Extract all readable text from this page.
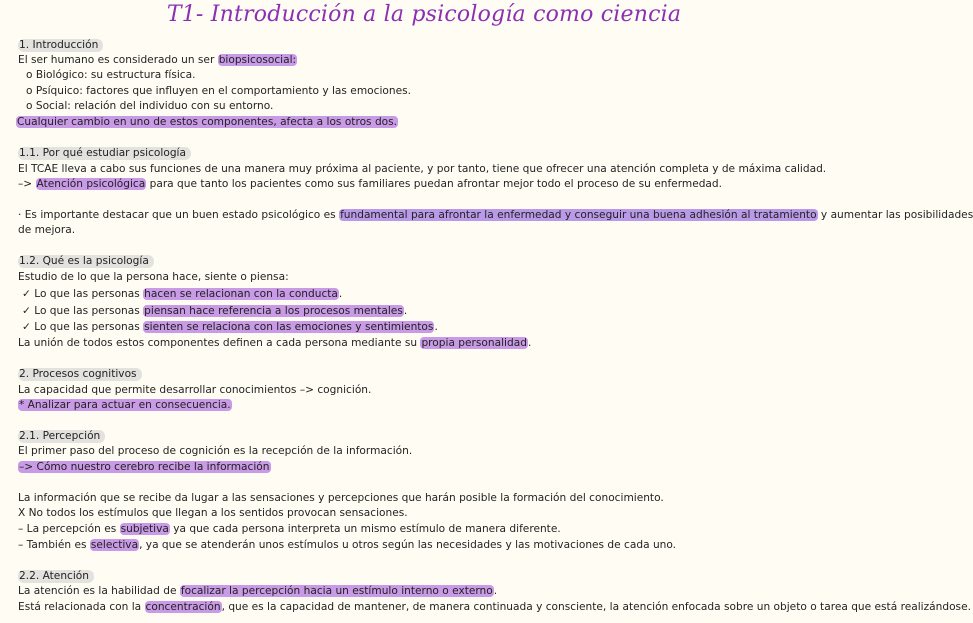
T1- Introducción a la psicología como ciencia
1. Introducción
El ser humano es considerado un ser biopsicosocial:
o Biológico: su estructura física.
o Psíquico: factores que influyen en el comportamiento y las emociones.
o Social: relación del individuo con su entorno.
Cualquier cambio en uno de estos componentes, afecta a los otros dos.
1.1. Por qué estudiar psicología
El TCAE lleva a cabo sus funciones de una manera muy próxima al paciente, y por tanto, tiene que ofrecer una atención completa y de máxima calidad.
–> Atención psicológica para que tanto los pacientes como sus familiares puedan afrontar mejor todo el proceso de su enfermedad.
· Es importante destacar que un buen estado psicológico es fundamental para afrontar la enfermedad y conseguir una buena adhesión al tratamiento y aumentar las posibilidades
de mejora.
1.2. Qué es la psicología
Estudio de lo que la persona hace, siente o piensa:
✓ Lo que las personas hacen se relacionan con la conducta.
✓ Lo que las personas piensan hace referencia a los procesos mentales.
✓ Lo que las personas sienten se relaciona con las emociones y sentimientos.
La unión de todos estos componentes definen a cada persona mediante su propia personalidad.
2. Procesos cognitivos
La capacidad que permite desarrollar conocimientos –> cognición.
* Analizar para actuar en consecuencia.
2.1. Percepción
El primer paso del proceso de cognición es la recepción de la información.
–> Cómo nuestro cerebro recibe la información
La información que se recibe da lugar a las sensaciones y percepciones que harán posible la formación del conocimiento.
X No todos los estímulos que llegan a los sentidos provocan sensaciones.
– La percepción es subjetiva ya que cada persona interpreta un mismo estímulo de manera diferente.
– También es selectiva, ya que se atenderán unos estímulos u otros según las necesidades y las motivaciones de cada uno.
2.2. Atención
La atención es la habilidad de focalizar la percepción hacia un estímulo interno o externo.
Está relacionada con la concentración, que es la capacidad de mantener, de manera continuada y consciente, la atención enfocada sobre un objeto o tarea que está realizándose.
